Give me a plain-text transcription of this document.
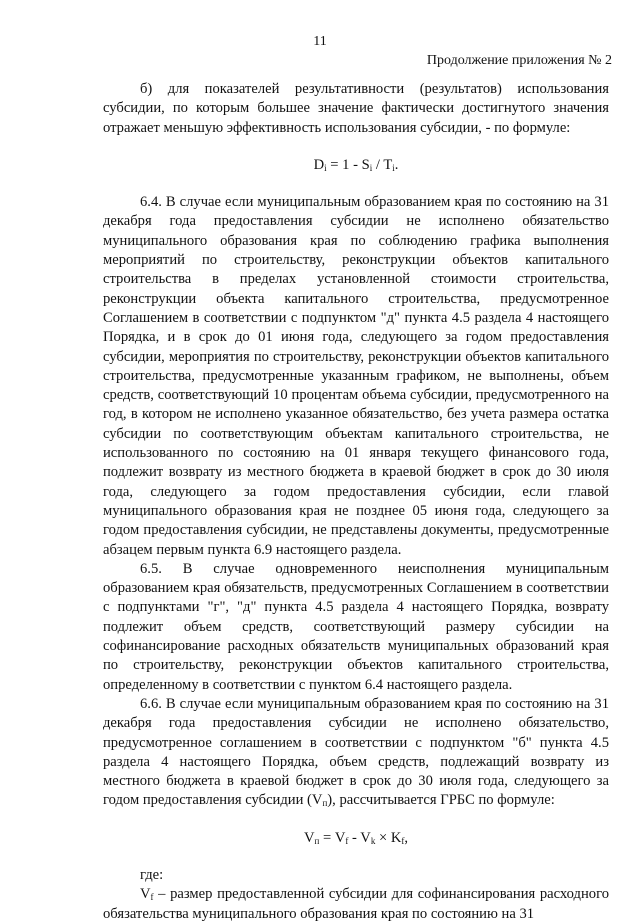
11
Продолжение приложения № 2

б) для показателей результативности (результатов) использования субсидии, по которым большее значение фактически достигнутого значения отражает меньшую эффективность использования субсидии, - по формуле:

$D_i = 1 - S_i / T_i$.

6.4. В случае если муниципальным образованием края по состоянию на 31 декабря года предоставления субсидии не исполнено обязательство муниципального образования края по соблюдению графика выполнения мероприятий по строительству, реконструкции объектов капитального строительства в пределах установленной стоимости строительства, реконструкции объекта капитального строительства, предусмотренное Соглашением в соответствии с подпунктом "д" пункта 4.5 раздела 4 настоящего Порядка, и в срок до 01 июня года, следующего за годом предоставления субсидии, мероприятия по строительству, реконструкции объектов капитального строительства, предусмотренные указанным графиком, не выполнены, объем средств, соответствующий 10 процентам объема субсидии, предусмотренного на год, в котором не исполнено указанное обязательство, без учета размера остатка субсидии по соответствующим объектам капитального строительства, не использованного по состоянию на 01 января текущего финансового года, подлежит возврату из местного бюджета в краевой бюджет в срок до 30 июля года, следующего за годом предоставления субсидии, если главой муниципального образования края не позднее 05 июня года, следующего за годом предоставления субсидии, не представлены документы, предусмотренные абзацем первым пункта 6.9 настоящего раздела.

6.5. В случае одновременного неисполнения муниципальным образованием края обязательств, предусмотренных Соглашением в соответствии с подпунктами "г", "д" пункта 4.5 раздела 4 настоящего Порядка, возврату подлежит объем средств, соответствующий размеру субсидии на софинансирование расходных обязательств муниципальных образований края по строительству, реконструкции объектов капитального строительства, определенному в соответствии с пунктом 6.4 настоящего раздела.

6.6. В случае если муниципальным образованием края по состоянию на 31 декабря года предоставления субсидии не исполнено обязательство, предусмотренное соглашением в соответствии с подпунктом "б" пункта 4.5 раздела 4 настоящего Порядка, объем средств, подлежащий возврату из местного бюджета в краевой бюджет в срок до 30 июля года, следующего за годом предоставления субсидии $(V_п)$, рассчитывается ГРБС по формуле:

$V_п = V_f - V_k \times K_f$,

где:

$V_f$ – размер предоставленной субсидии для софинансирования расходного обязательства муниципального образования края по состоянию на 31
